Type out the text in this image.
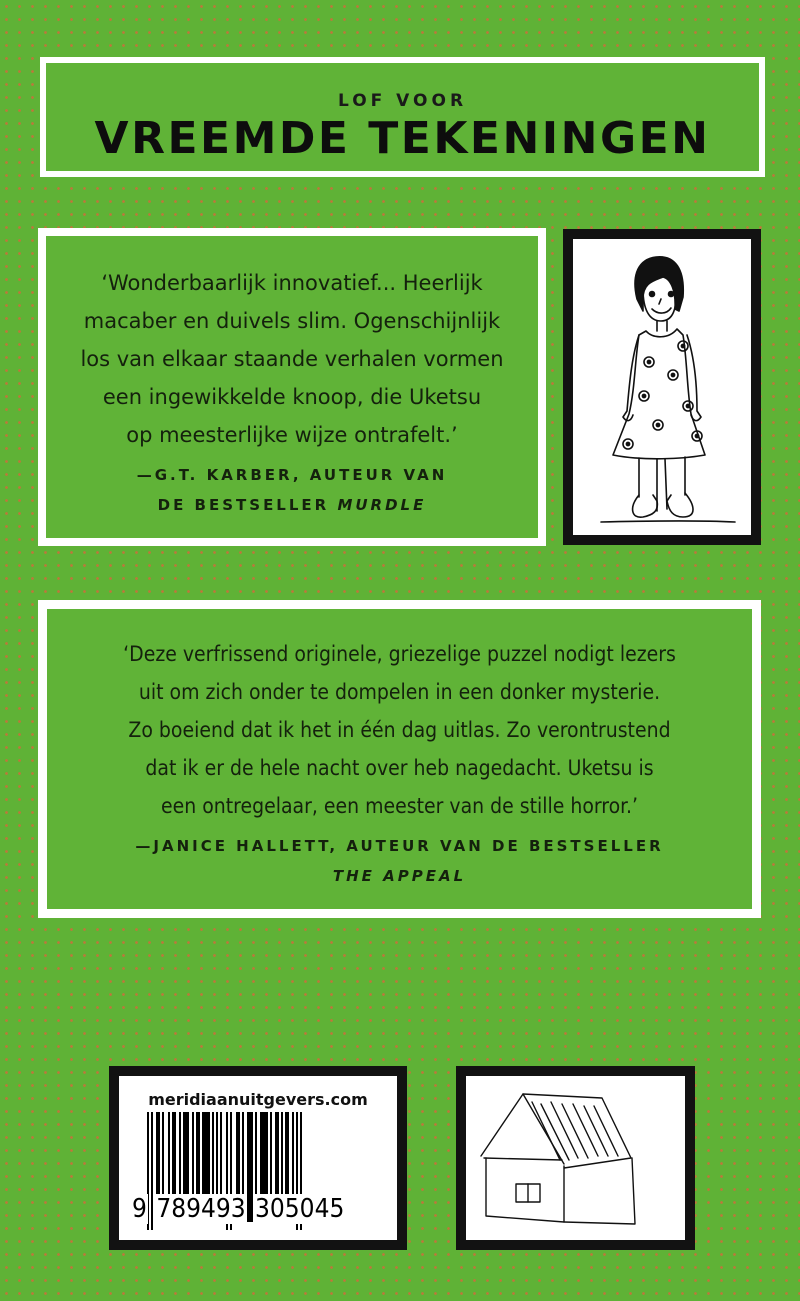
LOF VOOR
VREEMDE TEKENINGEN
‘Wonderbaarlijk innovatief... Heerlijk
macaber en duivels slim. Ogenschijnlijk
los van elkaar staande verhalen vormen
een ingewikkelde knoop, die Uketsu
op meesterlijke wijze ontrafelt.’
—G.T. KARBER, AUTEUR VAN
DE BESTSELLER MURDLE
‘Deze verfrissend originele, griezelige puzzel nodigt lezers
uit om zich onder te dompelen in een donker mysterie.
Zo boeiend dat ik het in één dag uitlas. Zo verontrustend
dat ik er de hele nacht over heb nagedacht. Uketsu is
een ontregelaar, een meester van de stille horror.’
—JANICE HALLETT, AUTEUR VAN DE BESTSELLER
THE APPEAL
meridiaanuitgevers.com
9 789493 305045
